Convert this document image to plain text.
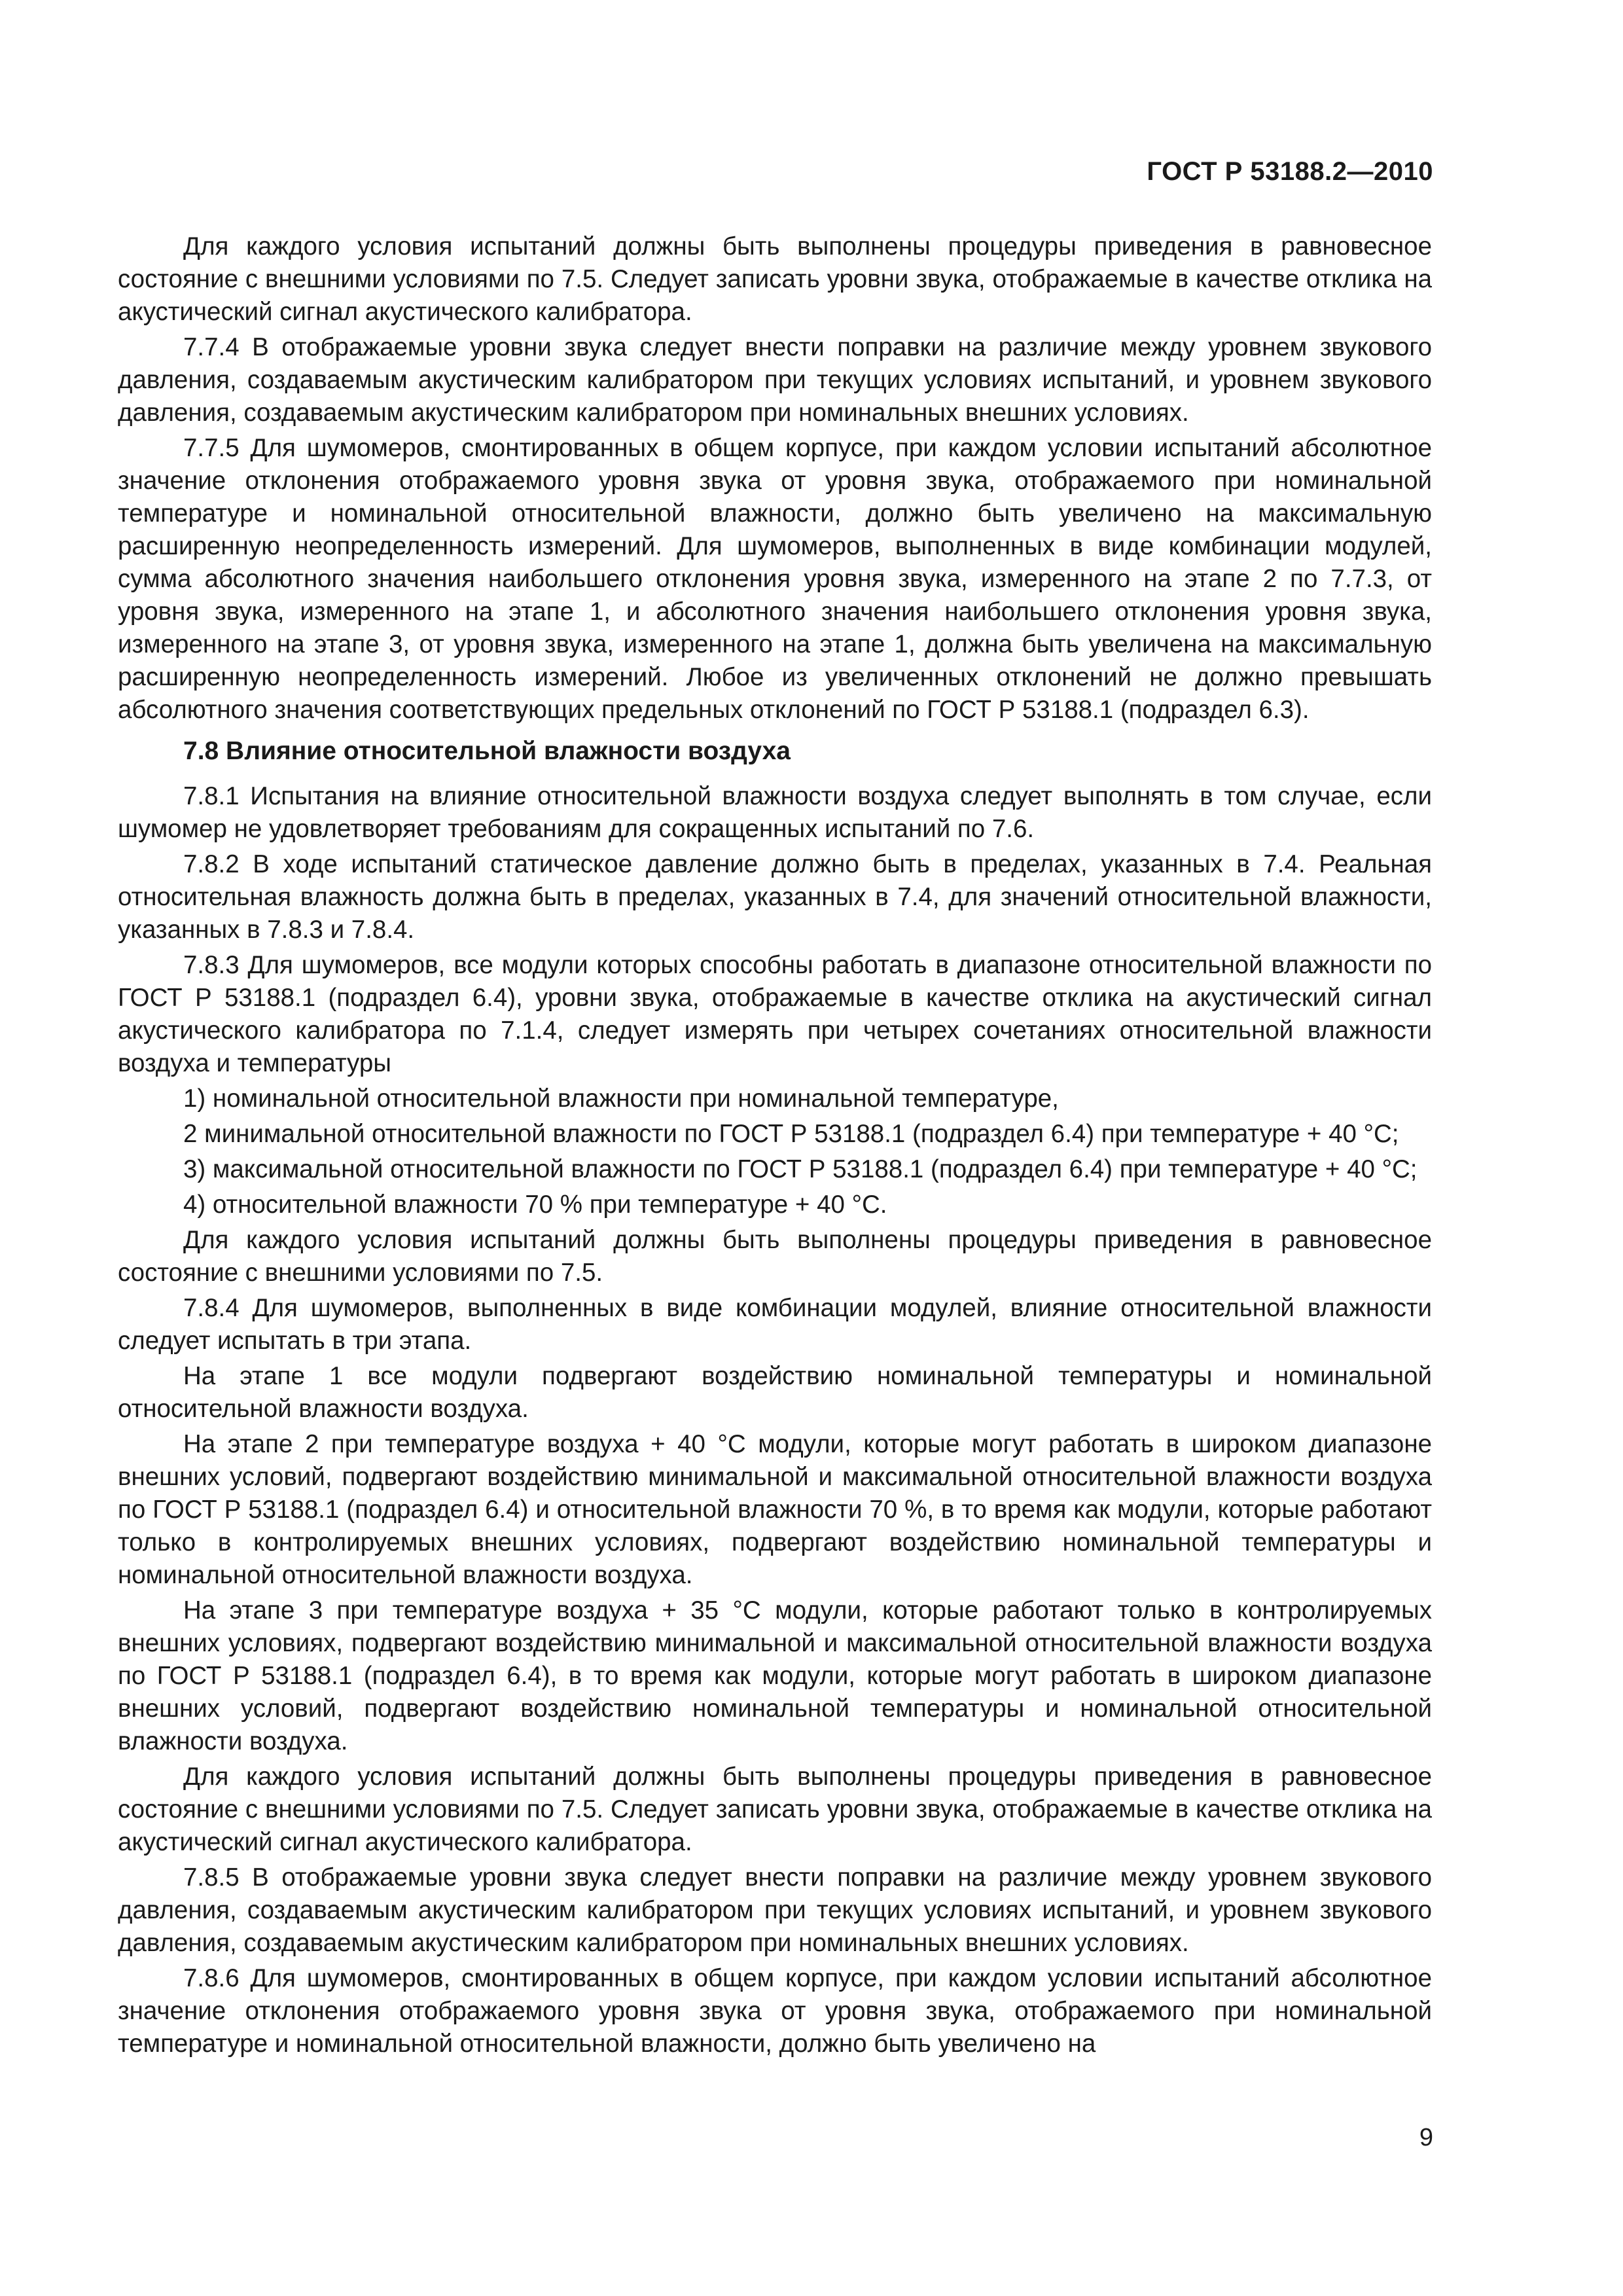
ГОСТ Р 53188.2—2010

Для каждого условия испытаний должны быть выполнены процедуры приведения в равновесное состояние с внешними условиями по 7.5. Следует записать уровни звука, отображаемые в качестве отклика на акустический сигнал акустического калибратора.

7.7.4 В отображаемые уровни звука следует внести поправки на различие между уровнем звукового давления, создаваемым акустическим калибратором при текущих условиях испытаний, и уровнем звукового давления, создаваемым акустическим калибратором при номинальных внешних условиях.

7.7.5 Для шумомеров, смонтированных в общем корпусе, при каждом условии испытаний абсолютное значение отклонения отображаемого уровня звука от уровня звука, отображаемого при номинальной температуре и номинальной относительной влажности, должно быть увеличено на максимальную расширенную неопределенность измерений. Для шумомеров, выполненных в виде комбинации модулей, сумма абсолютного значения наибольшего отклонения уровня звука, измеренного на этапе 2 по 7.7.3, от уровня звука, измеренного на этапе 1, и абсолютного значения наибольшего отклонения уровня звука, измеренного на этапе 3, от уровня звука, измеренного на этапе 1, должна быть увеличена на максимальную расширенную неопределенность измерений. Любое из увеличенных отклонений не должно превышать абсолютного значения соответствующих предельных отклонений по ГОСТ Р 53188.1 (подраздел 6.3).

7.8 Влияние относительной влажности воздуха

7.8.1 Испытания на влияние относительной влажности воздуха следует выполнять в том случае, если шумомер не удовлетворяет требованиям для сокращенных испытаний по 7.6.

7.8.2 В ходе испытаний статическое давление должно быть в пределах, указанных в 7.4. Реальная относительная влажность должна быть в пределах, указанных в 7.4, для значений относительной влажности, указанных в 7.8.3 и 7.8.4.

7.8.3 Для шумомеров, все модули которых способны работать в диапазоне относительной влажности по ГОСТ Р 53188.1 (подраздел 6.4), уровни звука, отображаемые в качестве отклика на акустический сигнал акустического калибратора по 7.1.4, следует измерять при четырех сочетаниях относительной влажности воздуха и температуры

1) номинальной относительной влажности при номинальной температуре,

2 минимальной относительной влажности по ГОСТ Р 53188.1 (подраздел 6.4) при температуре + 40 °С;

3) максимальной относительной влажности по ГОСТ Р 53188.1 (подраздел 6.4) при температуре + 40 °С;

4) относительной влажности 70 % при температуре + 40 °С.

Для каждого условия испытаний должны быть выполнены процедуры приведения в равновесное состояние с внешними условиями по 7.5.

7.8.4 Для шумомеров, выполненных в виде комбинации модулей, влияние относительной влажности следует испытать в три этапа.

На этапе 1 все модули подвергают воздействию номинальной температуры и номинальной относительной влажности воздуха.

На этапе 2 при температуре воздуха + 40 °С модули, которые могут работать в широком диапазоне внешних условий, подвергают воздействию минимальной и максимальной относительной влажности воздуха по ГОСТ Р 53188.1 (подраздел 6.4) и относительной влажности 70 %, в то время как модули, которые работают только в контролируемых внешних условиях, подвергают воздействию номинальной температуры и номинальной относительной влажности воздуха.

На этапе 3 при температуре воздуха + 35 °С модули, которые работают только в контролируемых внешних условиях, подвергают воздействию минимальной и максимальной относительной влажности воздуха по ГОСТ Р 53188.1 (подраздел 6.4), в то время как модули, которые могут работать в широком диапазоне внешних условий, подвергают воздействию номинальной температуры и номинальной относительной влажности воздуха.

Для каждого условия испытаний должны быть выполнены процедуры приведения в равновесное состояние с внешними условиями по 7.5. Следует записать уровни звука, отображаемые в качестве отклика на акустический сигнал акустического калибратора.

7.8.5 В отображаемые уровни звука следует внести поправки на различие между уровнем звукового давления, создаваемым акустическим калибратором при текущих условиях испытаний, и уровнем звукового давления, создаваемым акустическим калибратором при номинальных внешних условиях.

7.8.6 Для шумомеров, смонтированных в общем корпусе, при каждом условии испытаний абсолютное значение отклонения отображаемого уровня звука от уровня звука, отображаемого при номинальной температуре и номинальной относительной влажности, должно быть увеличено на

9
